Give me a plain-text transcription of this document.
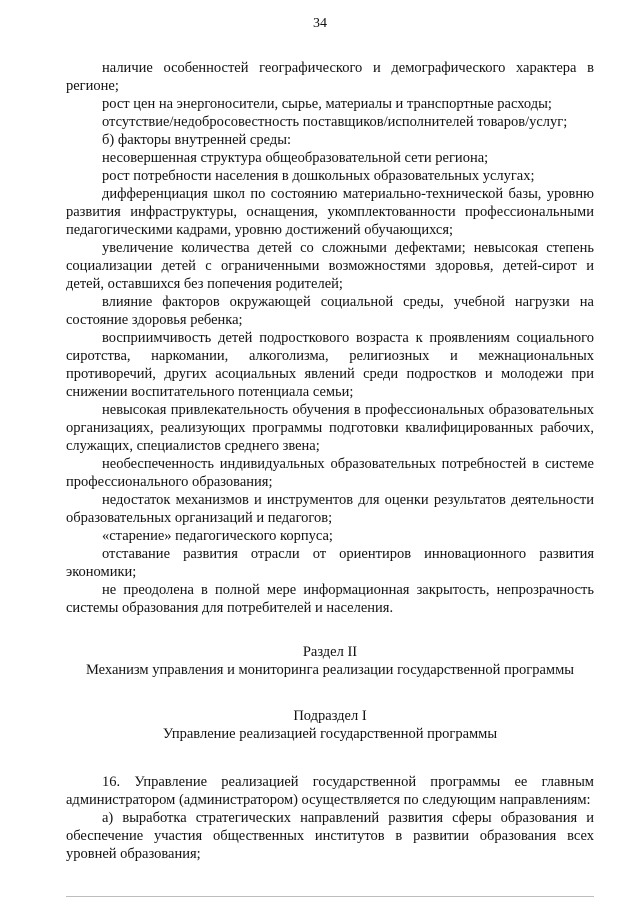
34

наличие особенностей географического и демографического характера в регионе;

рост цен на энергоносители, сырье, материалы и транспортные расходы;

отсутствие/недобросовестность поставщиков/исполнителей товаров/услуг;

б) факторы внутренней среды:

несовершенная структура общеобразовательной сети региона;

рост потребности населения в дошкольных образовательных услугах;

дифференциация школ по состоянию материально-технической базы, уровню развития инфраструктуры, оснащения, укомплектованности профессиональными педагогическими кадрами, уровню достижений обучающихся;

увеличение количества детей со сложными дефектами; невысокая степень социализации детей с ограниченными возможностями здоровья, детей-сирот и детей, оставшихся без попечения родителей;

влияние факторов окружающей социальной среды, учебной нагрузки на состояние здоровья ребенка;

восприимчивость детей подросткового возраста к проявлениям социального сиротства, наркомании, алкоголизма, религиозных и межнациональных противоречий, других асоциальных явлений среди подростков и молодежи при снижении воспитательного потенциала семьи;

невысокая привлекательность обучения в профессиональных образовательных организациях, реализующих программы подготовки квалифицированных рабочих, служащих, специалистов среднего звена;

необеспеченность индивидуальных образовательных потребностей в системе профессионального образования;

недостаток механизмов и инструментов для оценки результатов деятельности образовательных организаций и педагогов;

«старение» педагогического корпуса;

отставание развития отрасли от ориентиров инновационного развития экономики;

не преодолена в полной мере информационная закрытость, непрозрачность системы образования для потребителей и населения.

Раздел II

Механизм управления и мониторинга реализации государственной программы

Подраздел I

Управление реализацией государственной программы

16. Управление реализацией государственной программы ее главным администратором (администратором) осуществляется по следующим направлениям:

а) выработка стратегических направлений развития сферы образования и обеспечение участия общественных институтов в развитии образования всех уровней образования;
